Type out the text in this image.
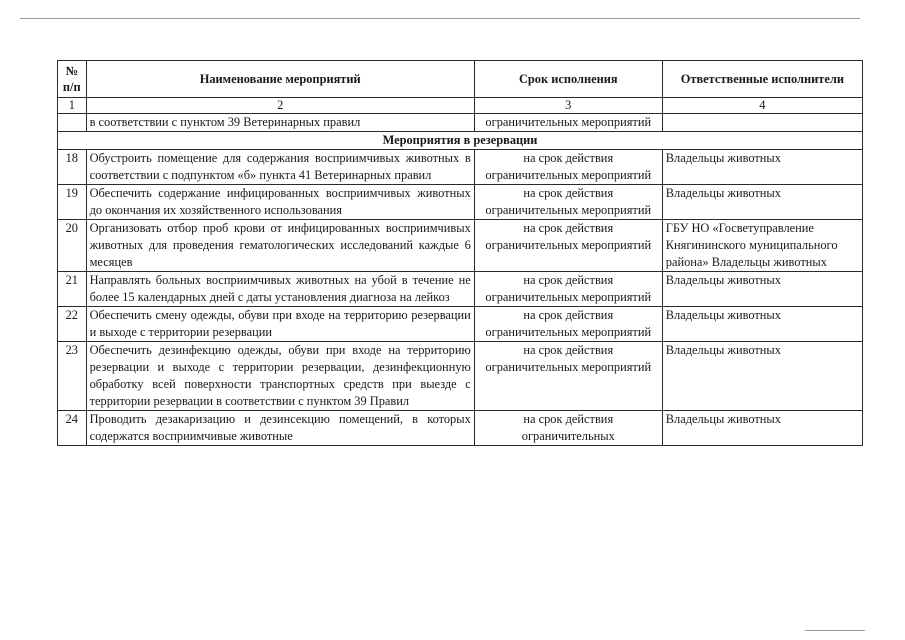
№ п/п	Наименование мероприятий	Срок исполнения	Ответственные исполнители
1	2	3	4
	в соответствии с пунктом 39 Ветеринарных правил	ограничительных мероприятий	
Мероприятия в резервации			
18	Обустроить помещение для содержания восприимчивых животных в соответствии с подпунктом «б» пункта 41 Ветеринарных правил	на срок действия ограничительных мероприятий	Владельцы животных
19	Обеспечить содержание инфицированных восприимчивых животных до окончания их хозяйственного использования	на срок действия ограничительных мероприятий	Владельцы животных
20	Организовать отбор проб крови от инфицированных восприимчивых животных для проведения гематологических исследований каждые 6 месяцев	на срок действия ограничительных мероприятий	ГБУ НО «Госветуправление Княгининского муниципального района» Владельцы животных
21	Направлять больных восприимчивых животных на убой в течение не более 15 календарных дней с даты установления диагноза на лейкоз	на срок действия ограничительных мероприятий	Владельцы животных
22	Обеспечить смену одежды, обуви при входе на территорию резервации и выходе с территории резервации	на срок действия ограничительных мероприятий	Владельцы животных
23	Обеспечить дезинфекцию одежды, обуви при входе на территорию резервации и выходе с территории резервации, дезинфекционную обработку всей поверхности транспортных средств при выезде с территории резервации в соответствии с пунктом 39 Правил	на срок действия ограничительных мероприятий	Владельцы животных
24	Проводить дезакаризацию и дезинсекцию помещений, в которых содержатся восприимчивые животные	на срок действия ограничительных	Владельцы животных
